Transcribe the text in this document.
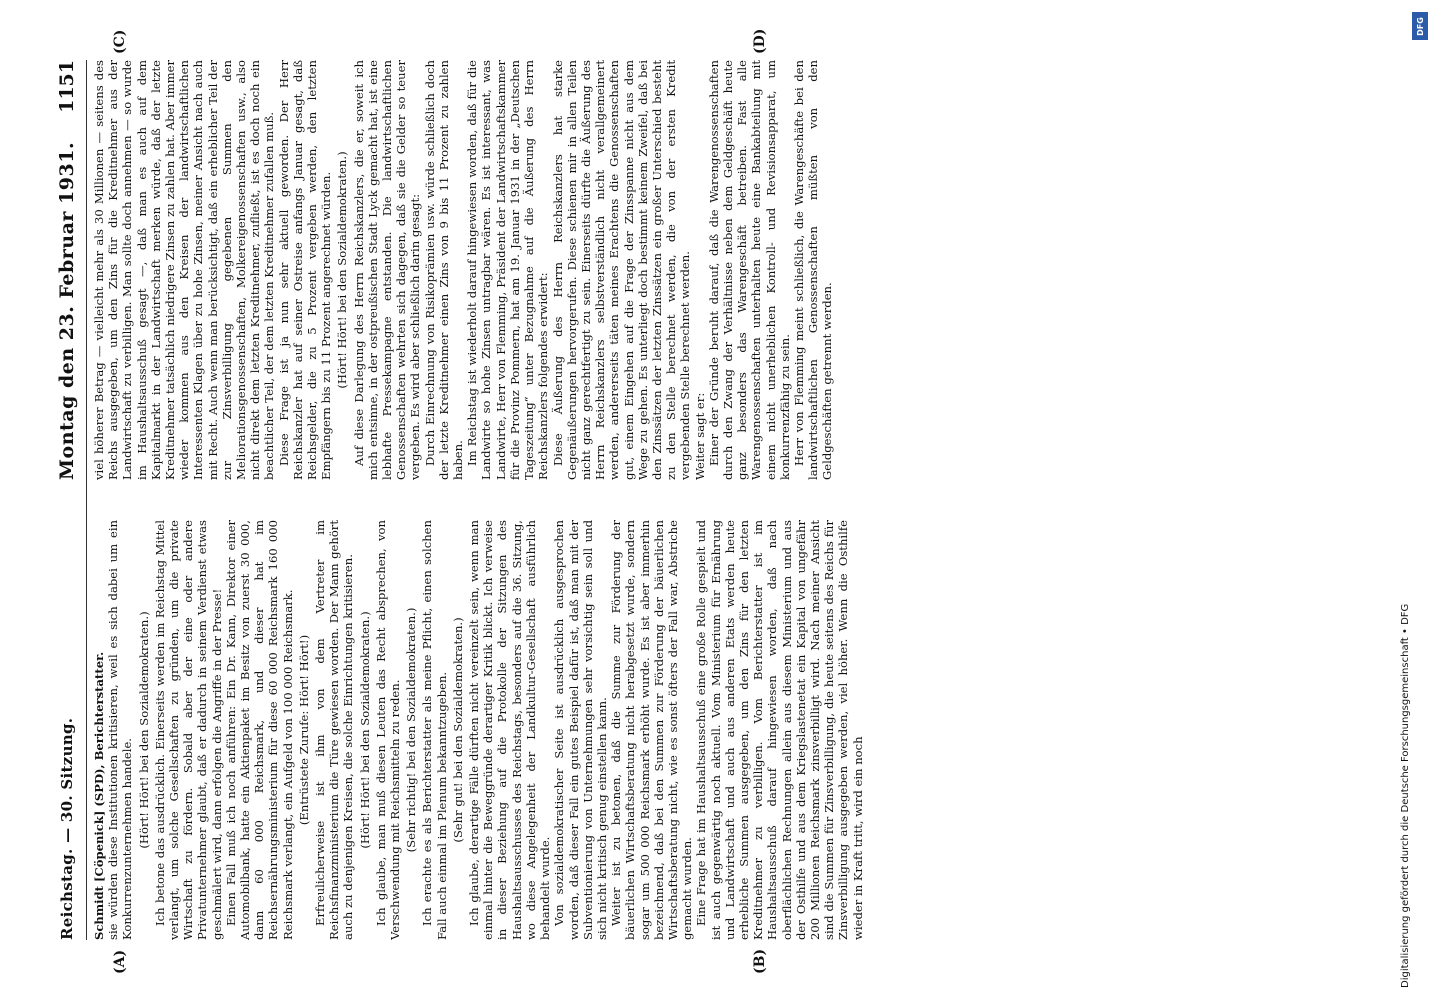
Reichstag. — 30. Sitzung.
Montag den 23. Februar 1931.
1151

Schmidt [Cöpenick] (SPD), Berichterstatter. sie würden diese Institutionen kritisieren, weil es sich dabei um ein Konkurrenzunternehmen handele. (Hört! Hört! bei den Sozialdemokraten.) Ich betone das ausdrücklich. Einerseits werden im Reichstag Mittel verlangt, um solche Gesellschaften zu gründen, um die private Wirtschaft zu fördern. Sobald aber der eine oder andere Privatunternehmer glaubt, daß er dadurch in seinem Verdienst etwas geschmälert wird, dann erfolgen die Angriffe in der Presse! Einen Fall muß ich noch anführen: Ein Dr. Kann, Direktor einer Automobilbank, hatte ein Aktienpaket im Besitz von zuerst 30 000, dann 60 000 Reichsmark, und dieser hat im Reichsernährungsministerium für diese 60 000 Reichsmark 160 000 Reichsmark verlangt, ein Aufgeld von 100 000 Reichsmark. (Entrüstete Zurufe: Hört! Hört!) Erfreulicherweise ist ihm von dem Vertreter im Reichsfinanzministerium die Türe gewiesen worden. Der Mann gehört auch zu denjenigen Kreisen, die solche Einrichtungen kritisieren. (Hört! Hört! bei den Sozialdemokraten.) Ich glaube, man muß diesen Leuten das Recht absprechen, von Verschwendung mit Reichsmitteln zu reden. (Sehr richtig! bei den Sozialdemokraten.) Ich erachte es als Berichterstatter als meine Pflicht, einen solchen Fall auch einmal im Plenum bekanntzugeben. (Sehr gut! bei den Sozialdemokraten.) Ich glaube, derartige Fälle dürften nicht vereinzelt sein, wenn man einmal hinter die Beweggründe derartiger Kritik blickt. Ich verweise in dieser Beziehung auf die Protokolle der Sitzungen des Haushaltsausschusses des Reichstags, besonders auf die 36. Sitzung, wo diese Angelegenheit der Landkultur-Gesellschaft ausführlich behandelt wurde. Von sozialdemokratischer Seite ist ausdrücklich ausgesprochen worden, daß dieser Fall ein gutes Beispiel dafür ist, daß man mit der Subventionierung von Unternehmungen sehr vorsichtig sein soll und sich nicht kritisch genug einstellen kann. Weiter ist zu betonen, daß die Summe zur Förderung der bäuerlichen Wirtschaftsberatung nicht herabgesetzt wurde, sondern sogar um 500 000 Reichsmark erhöht wurde. Es ist aber immerhin bezeichnend, daß bei den Summen zur Förderung der bäuerlichen Wirtschaftsberatung nicht, wie es sonst öfters der Fall war, Abstriche gemacht wurden. Eine Frage hat im Haushaltsausschuß eine große Rolle gespielt und ist auch gegenwärtig noch aktuell. Vom Ministerium für Ernährung und Landwirtschaft und auch aus anderen Etats werden heute erhebliche Summen ausgegeben, um den Zins für den letzten Kreditnehmer zu verbilligen. Vom Berichterstatter ist im Haushaltsausschuß darauf hingewiesen worden, daß nach oberflächlichen Rechnungen allein aus diesem Ministerium und aus der Osthilfe und aus dem Kriegslastenetat ein Kapital von ungefähr 200 Millionen Reichsmark zinsverbilligt wird. Nach meiner Ansicht sind die Summen für Zinsverbilligung, die heute seitens des Reichs für Zinsverbilligung ausgegeben werden, viel höher. Wenn die Osthilfe wieder in Kraft tritt, wird ein noch

viel höherer Betrag — vielleicht mehr als 30 Millionen — seitens des Reichs ausgegeben, um den Zins für die Kreditnehmer aus der Landwirtschaft zu verbilligen. Man sollte doch annehmen — so wurde im Haushaltsausschuß gesagt —, daß man es auch auf dem Kapitalmarkt in der Landwirtschaft merken würde, daß der letzte Kreditnehmer tatsächlich niedrigere Zinsen zu zahlen hat. Aber immer wieder kommen aus den Kreisen der landwirtschaftlichen Interessenten Klagen über zu hohe Zinsen, meiner Ansicht nach auch mit Recht. Auch wenn man berücksichtigt, daß ein erheblicher Teil der zur Zinsverbilligung gegebenen Summen den Meliorationsgenossenschaften, Molkereigenossenschaften usw., also nicht direkt dem letzten Kreditnehmer, zufließt, ist es doch noch ein beachtlicher Teil, der dem letzten Kreditnehmer zufallen muß. Diese Frage ist ja nun sehr aktuell geworden. Der Herr Reichskanzler hat auf seiner Ostreise anfangs Januar gesagt, daß Reichsgelder, die zu 5 Prozent vergeben werden, den letzten Empfängern bis zu 11 Prozent angerechnet würden. (Hört! Hört! bei den Sozialdemokraten.) Auf diese Darlegung des Herrn Reichskanzlers, die er, soweit ich mich entsinne, in der ostpreußischen Stadt Lyck gemacht hat, ist eine lebhafte Pressekampagne entstanden. Die landwirtschaftlichen Genossenschaften wehrten sich dagegen, daß sie die Gelder so teuer vergeben. Es wird aber schließlich darin gesagt: Durch Einrechnung von Risikoprämien usw. würde schließlich doch der letzte Kreditnehmer einen Zins von 9 bis 11 Prozent zu zahlen haben. Im Reichstag ist wiederholt darauf hingewiesen worden, daß für die Landwirte so hohe Zinsen untragbar wären. Es ist interessant, was Landwirte, Herr von Flemming, Präsident der Landwirtschaftskammer für die Provinz Pommern, hat am 19. Januar 1931 in der „Deutschen Tageszeitung“ unter Bezugnahme auf die Äußerung des Herrn Reichskanzlers folgendes erwidert: Diese Äußerung des Herrn Reichskanzlers hat starke Gegenäußerungen hervorgerufen. Diese schienen mir in allen Teilen nicht ganz gerechtfertigt zu sein. Einerseits dürfte die Äußerung des Herrn Reichskanzlers selbstverständlich nicht verallgemeinert werden, andererseits täten meines Erachtens die Genossenschaften gut, einem Eingehen auf die Frage der Zinsspanne nicht aus dem Wege zu gehen. Es unterliegt doch bestimmt keinem Zweifel, daß bei den Zinssätzen der letzten Zinssätzen ein großer Unterschied besteht zu den Stelle berechnet werden, die von der ersten Kredit vergebenden Stelle berechnet werden. Weiter sagt er: Einer der Gründe beruht darauf, daß die Warengenossenschaften durch den Zwang der Verhältnisse neben dem Geldgeschäft heute ganz besonders das Warengeschäft betreiben. Fast alle Warengenossenschaften unterhalten heute eine Bankabteilung mit einem nicht unerheblichen Kontroll- und Revisionsapparat, um konkurrenzfähig zu sein. Herr von Flemming meint schließlich, die Warengeschäfte bei den landwirtschaftlichen Genossenschaften müßten von den Geldgeschäften getrennt werden.

(A)	(B)
(C)	(D)
Digitalisierung gefördert durch die Deutsche Forschungsgemeinschaft • DFG
DFG
